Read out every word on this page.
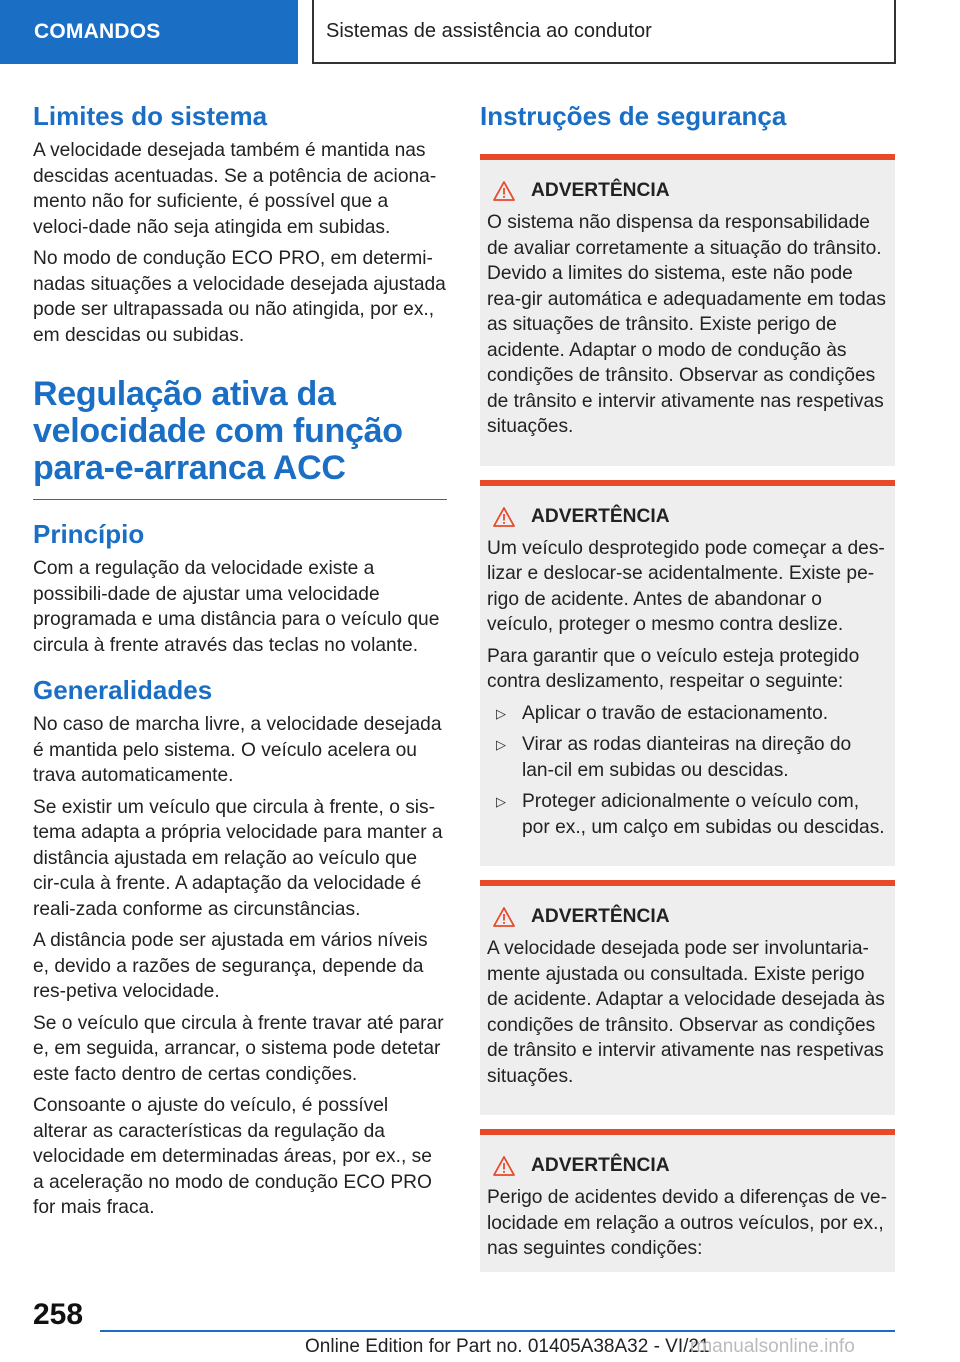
COMANDOS	Sistemas de assistência ao condutor
Limites do sistema

A velocidade desejada também é mantida nas descidas acentuadas. Se a potência de aciona-mento não for suficiente, é possível que a veloci-dade não seja atingida em subidas.

No modo de condução ECO PRO, em determi-nadas situações a velocidade desejada ajustada pode ser ultrapassada ou não atingida, por ex., em descidas ou subidas.

Regulação ativa da velocidade com função para-e-arranca ACC
Princípio

Com a regulação da velocidade existe a possibili-dade de ajustar uma velocidade programada e uma distância para o veículo que circula à frente através das teclas no volante.

Generalidades

No caso de marcha livre, a velocidade desejada é mantida pelo sistema. O veículo acelera ou trava automaticamente.

Se existir um veículo que circula à frente, o sis-tema adapta a própria velocidade para manter a distância ajustada em relação ao veículo que cir-cula à frente. A adaptação da velocidade é reali-zada conforme as circunstâncias.

A distância pode ser ajustada em vários níveis e, devido a razões de segurança, depende da res-petiva velocidade.

Se o veículo que circula à frente travar até parar e, em seguida, arrancar, o sistema pode detetar este facto dentro de certas condições.

Consoante o ajuste do veículo, é possível alterar as características da regulação da velocidade em determinadas áreas, por ex., se a aceleração no modo de condução ECO PRO for mais fraca.

Instruções de segurança
ADVERTÊNCIA

O sistema não dispensa da responsabilidade de avaliar corretamente a situação do trânsito. Devido a limites do sistema, este não pode rea-gir automática e adequadamente em todas as situações de trânsito. Existe perigo de acidente. Adaptar o modo de condução às condições de trânsito. Observar as condições de trânsito e intervir ativamente nas respetivas situações.

ADVERTÊNCIA

Um veículo desprotegido pode começar a des-lizar e deslocar-se acidentalmente. Existe pe-rigo de acidente. Antes de abandonar o veículo, proteger o mesmo contra deslize.

Para garantir que o veículo esteja protegido contra deslizamento, respeitar o seguinte:

▷ Aplicar o travão de estacionamento.
▷ Virar as rodas dianteiras na direção do lan-cil em subidas ou descidas.
▷ Proteger adicionalmente o veículo com, por ex., um calço em subidas ou descidas.
ADVERTÊNCIA

A velocidade desejada pode ser involuntaria-mente ajustada ou consultada. Existe perigo de acidente. Adaptar a velocidade desejada às condições de trânsito. Observar as condições de trânsito e intervir ativamente nas respetivas situações.

ADVERTÊNCIA

Perigo de acidentes devido a diferenças de ve-locidade em relação a outros veículos, por ex., nas seguintes condições:

258
Online Edition for Part no. 01405A38A32 - VI/21
rmanualsonline.info
